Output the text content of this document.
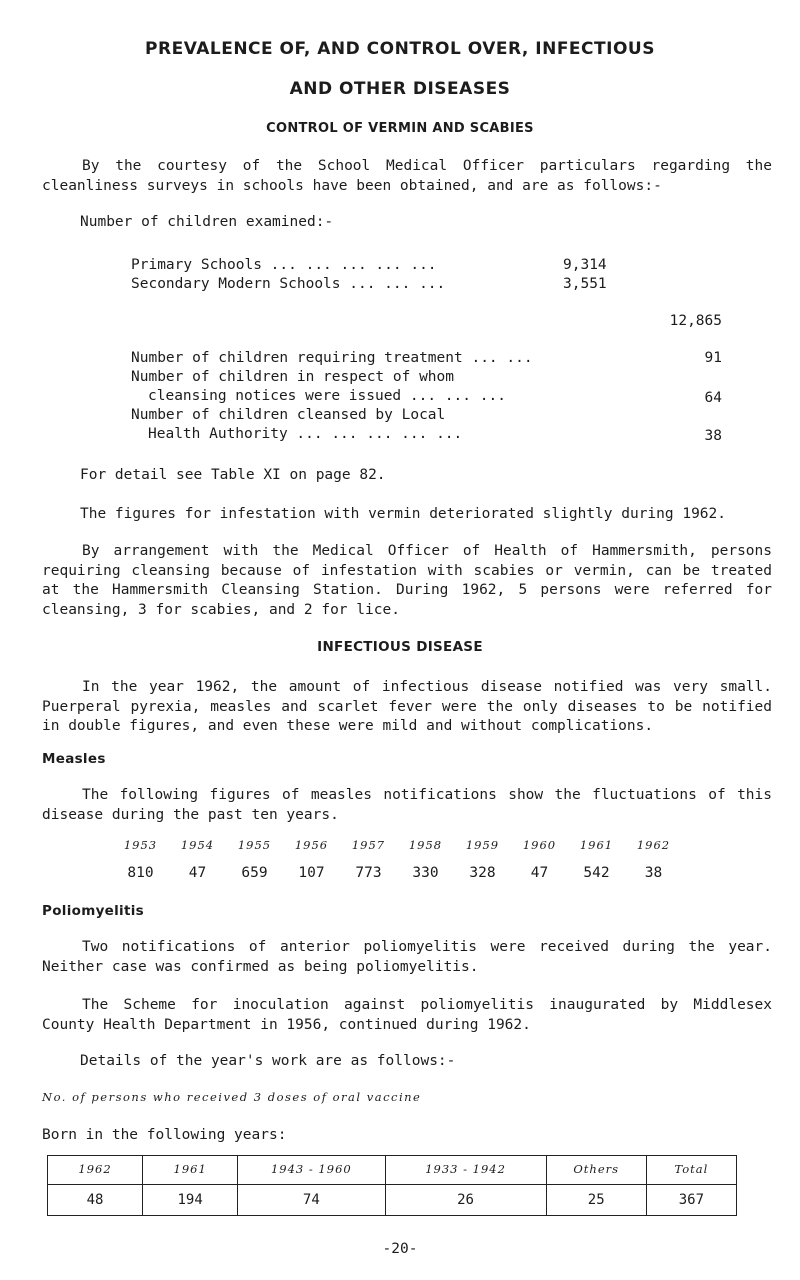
PREVALENCE OF, AND CONTROL OVER, INFECTIOUS
AND OTHER DISEASES
CONTROL OF VERMIN AND SCABIES
By the courtesy of the School Medical Officer particulars regarding the cleanliness surveys in schools have been obtained, and are as follows:-
Number of children examined:-
Primary Schools ... ... ... ... ...	9,314
Secondary Modern Schools ... ... ...	3,551
12,865
Number of children requiring treatment ... ...	91
Number of children in respect of whom
cleansing notices were issued ... ... ...	64
Number of children cleansed by Local
Health Authority ... ... ... ... ...	38
For detail see Table XI on page 82.
The figures for infestation with vermin deteriorated slightly during 1962.
By arrangement with the Medical Officer of Health of Hammersmith, persons requiring cleansing because of infestation with scabies or vermin, can be treated at the Hammersmith Cleansing Station. During 1962, 5 persons were referred for cleansing, 3 for scabies, and 2 for lice.
INFECTIOUS DISEASE
In the year 1962, the amount of infectious disease notified was very small. Puerperal pyrexia, measles and scarlet fever were the only diseases to be notified in double figures, and even these were mild and without complications.
Measles
The following figures of measles notifications show the fluctuations of this disease during the past ten years.
1953	1954	1955	1956	1957	1958	1959	1960	1961	1962
810	47	659	107	773	330	328	47	542	38
Poliomyelitis
Two notifications of anterior poliomyelitis were received during the year. Neither case was confirmed as being poliomyelitis.
The Scheme for inoculation against poliomyelitis inaugurated by Middlesex County Health Department in 1956, continued during 1962.
Details of the year's work are as follows:-
No. of persons who received 3 doses of oral vaccine
Born in the following years:
1962	1961	1943 - 1960	1933 - 1942	Others	Total
48	194	74	26	25	367
-20-
